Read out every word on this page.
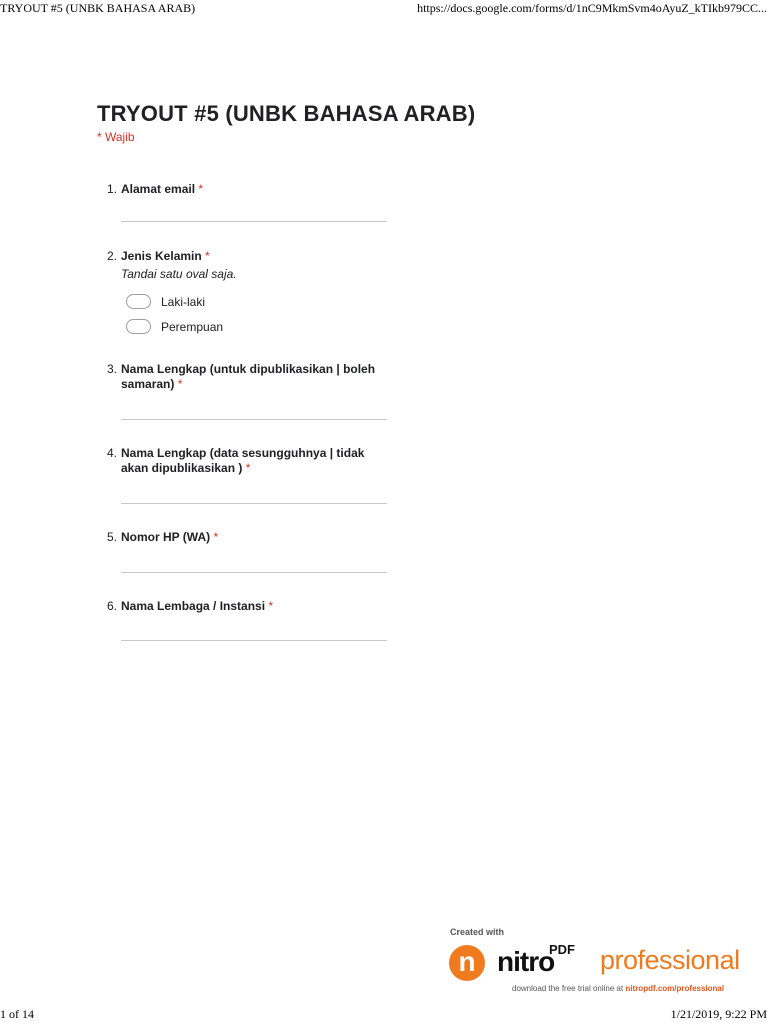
TRYOUT #5 (UNBK BAHASA ARAB)	https://docs.google.com/forms/d/1nC9MkmSvm4oAyuZ_kTIkb979CC...
TRYOUT #5 (UNBK BAHASA ARAB)
* Wajib
1. Alamat email *
2. Jenis Kelamin *
Tandai satu oval saja.
Laki-laki
Perempuan
3. Nama Lengkap (untuk dipublikasikan | boleh samaran) *
4. Nama Lengkap (data sesungguhnya | tidak akan dipublikasikan ) *
5. Nomor HP (WA) *
6. Nama Lembaga / Instansi *
Created with
n nitro
PDF professional
download the free trial online at nitropdf.com/professional
1 of 14	1/21/2019, 9:22 PM
